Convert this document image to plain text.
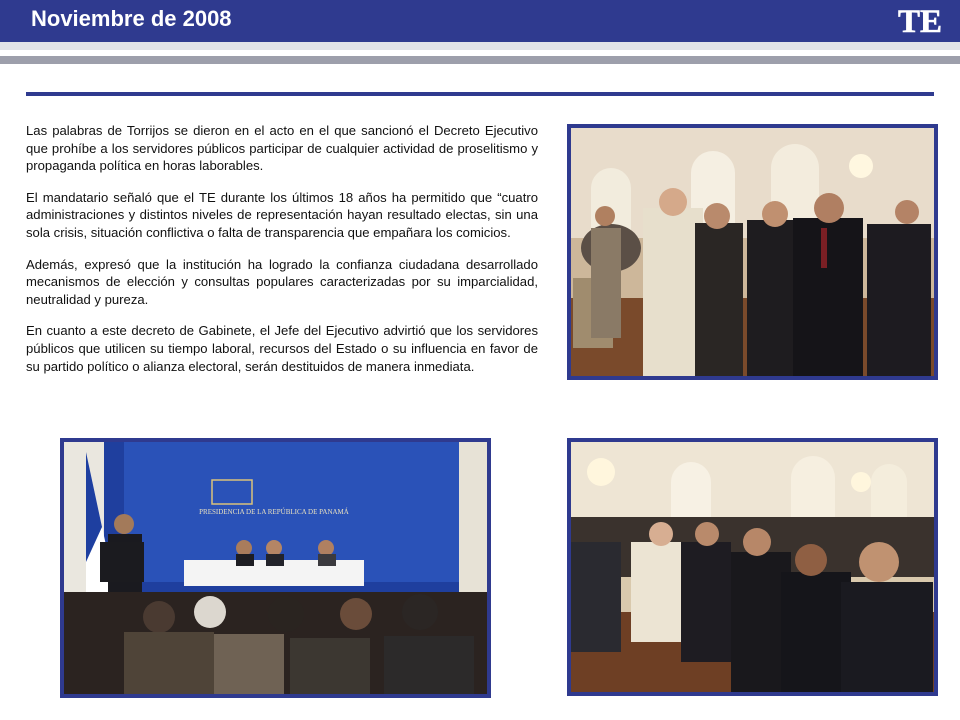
Noviembre de 2008	TE

Las palabras de Torrijos se dieron en el acto en el que sancionó el Decreto Ejecutivo que prohíbe a los servidores públicos participar de cualquier actividad de proselitismo y propaganda política en horas laborables.

El mandatario señaló que el TE durante los últimos 18 años ha permitido que “cuatro administraciones y distintos niveles de representación hayan resultado electas, sin una sola crisis, situación conflictiva o falta de transparencia que empañara los comicios.

Además, expresó que la institución ha logrado la confianza ciudadana desarrollado mecanismos de elección y consultas populares caracterizadas por su imparcialidad, neutralidad y pureza.

En cuanto a este decreto de Gabinete, el Jefe del Ejecutivo advirtió que los servidores públicos que utilicen su tiempo laboral, recursos del Estado o su influencia en favor de su partido político o alianza electoral, serán destituidos de manera inmediata.

PRESIDENCIA DE LA REPÚBLICA DE PANAMÁ
